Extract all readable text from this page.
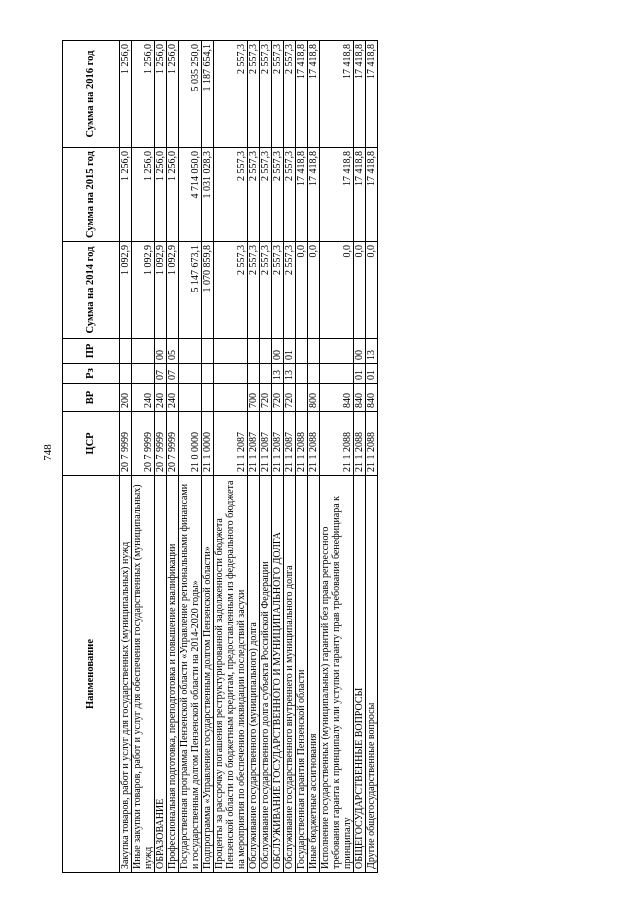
748
Наименование	ЦСР	ВР	Рз	ПР	Сумма на 2014 год	Сумма на 2015 год	Сумма на 2016 год
Закупка товаров, работ и услуг для государственных (муниципальных) нужд	20 7 9999	200			1 092,9	1 256,0	1 256,0
Иные закупки товаров, работ и услуг для обеспечения государственных (муниципальных) нужд	20 7 9999	240			1 092,9	1 256,0	1 256,0
ОБРАЗОВАНИЕ	20 7 9999	240	07	00	1 092,9	1 256,0	1 256,0
Профессиональная подготовка, переподготовка и повышение квалификации	20 7 9999	240	07	05	1 092,9	1 256,0	1 256,0
Государственная программа Пензенской области «Управление региональными финансами и государственным долгом Пензенской области на 2014-2020 годы»	21 0 0000				5 147 673,1	4 714 050,0	5 035 250,0
Подпрограмма «Управление государственным долгом Пензенской области»	21 1 0000				1 070 859,8	1 031 028,3	1 187 654,1
Проценты за рассрочку погашения реструктурированной задолженности бюджета Пензенской области по бюджетным кредитам, предоставленным из федерального бюджета на мероприятия по обеспечению ликвидации последствий засухи	21 1 2087				2 557,3	2 557,3	2 557,3
Обслуживание государственного (муниципального) долга	21 1 2087	700			2 557,3	2 557,3	2 557,3
Обслуживание государственного долга субъекта Российской Федерации	21 1 2087	720			2 557,3	2 557,3	2 557,3
ОБСЛУЖИВАНИЕ ГОСУДАРСТВЕННОГО И МУНИЦИПАЛЬНОГО ДОЛГА	21 1 2087	720	13	00	2 557,3	2 557,3	2 557,3
Обслуживание государственного внутреннего и муниципального долга	21 1 2087	720	13	01	2 557,3	2 557,3	2 557,3
Государственная гарантия Пензенской области	21 1 2088				0,0	17 418,8	17 418,8
Иные бюджетные ассигнования	21 1 2088	800			0,0	17 418,8	17 418,8
Исполнение государственных (муниципальных) гарантий без права регрессного требования гаранта к принципалу или уступки гаранту прав требования бенефициара к принципалу	21 1 2088	840			0,0	17 418,8	17 418,8
ОБЩЕГОСУДАРСТВЕННЫЕ ВОПРОСЫ	21 1 2088	840	01	00	0,0	17 418,8	17 418,8
Другие общегосударственные вопросы	21 1 2088	840	01	13	0,0	17 418,8	17 418,8
